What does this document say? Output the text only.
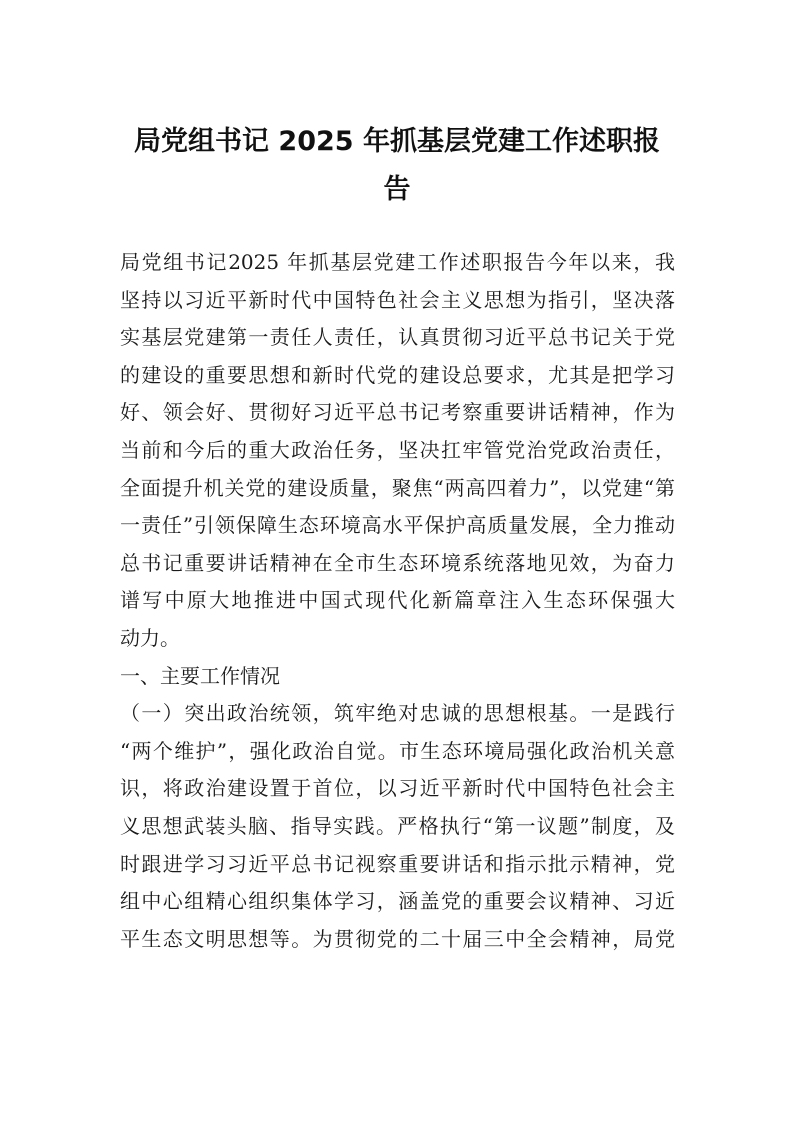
局党组书记 2025 年抓基层党建工作述职报
告
局党组书记2025 年抓基层党建工作述职报告今年以来，我
坚持以习近平新时代中国特色社会主义思想为指引，坚决落
实基层党建第一责任人责任，认真贯彻习近平总书记关于党
的建设的重要思想和新时代党的建设总要求，尤其是把学习
好、领会好、贯彻好习近平总书记考察重要讲话精神，作为
当前和今后的重大政治任务，坚决扛牢管党治党政治责任，
全面提升机关党的建设质量，聚焦“两高四着力”，以党建“第
一责任”引领保障生态环境高水平保护高质量发展，全力推动
总书记重要讲话精神在全市生态环境系统落地见效，为奋力
谱写中原大地推进中国式现代化新篇章注入生态环保强大
动力。
一、主要工作情况
（一）突出政治统领，筑牢绝对忠诚的思想根基。一是践行
“两个维护”，强化政治自觉。市生态环境局强化政治机关意
识，将政治建设置于首位，以习近平新时代中国特色社会主
义思想武装头脑、指导实践。严格执行“第一议题”制度，及
时跟进学习习近平总书记视察重要讲话和指示批示精神，党
组中心组精心组织集体学习，涵盖党的重要会议精神、习近
平生态文明思想等。为贯彻党的二十届三中全会精神，局党
